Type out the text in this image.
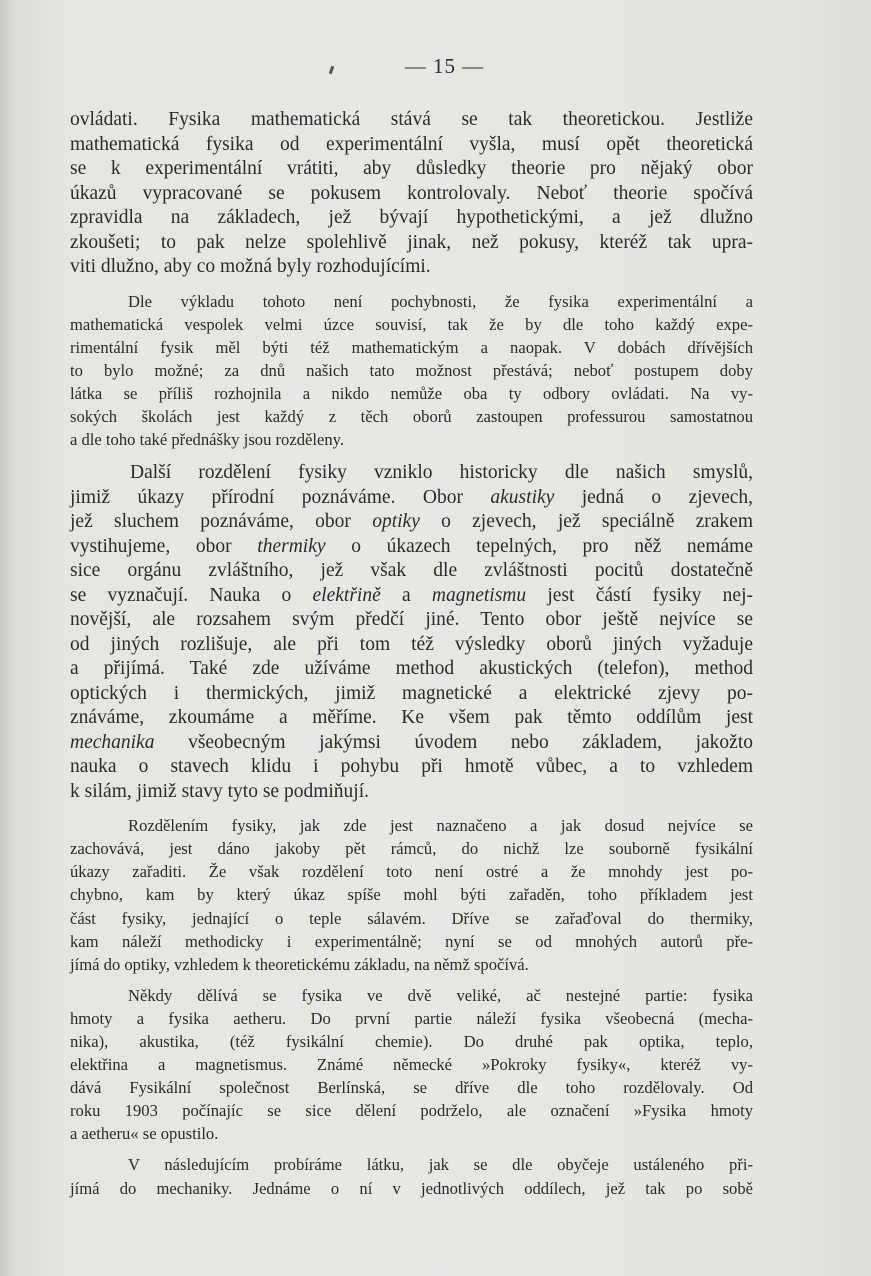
— 15 —
ovládati. Fysika mathematická stává se tak theoretickou. Jestliže
mathematická fysika od experimentální vyšla, musí opět theoretická
se k experimentální vrátiti, aby důsledky theorie pro nějaký obor
úkazů vypracované se pokusem kontrolovaly. Neboť theorie spočívá
zpravidla na základech, jež bývají hypothetickými, a jež dlužno
zkoušeti; to pak nelze spolehlivě jinak, než pokusy, kteréž tak upra-
viti dlužno, aby co možná byly rozhodujícími.
Dle výkladu tohoto není pochybnosti, že fysika experimentální a
mathematická vespolek velmi úzce souvisí, tak že by dle toho každý expe-
rimentální fysik měl býti též mathematickým a naopak. V dobách dřívějších
to bylo možné; za dnů našich tato možnost přestává; neboť postupem doby
látka se příliš rozhojnila a nikdo nemůže oba ty odbory ovládati. Na vy-
sokých školách jest každý z těch oborů zastoupen professurou samostatnou
a dle toho také přednášky jsou rozděleny.
Další rozdělení fysiky vzniklo historicky dle našich smyslů,
jimiž úkazy přírodní poznáváme. Obor akustiky jedná o zjevech,
jež sluchem poznáváme, obor optiky o zjevech, jež speciálně zrakem
vystihujeme, obor thermiky o úkazech tepelných, pro něž nemáme
sice orgánu zvláštního, jež však dle zvláštnosti pocitů dostatečně
se vyznačují. Nauka o elektřině a magnetismu jest částí fysiky nej-
novější, ale rozsahem svým předčí jiné. Tento obor ještě nejvíce se
od jiných rozlišuje, ale při tom též výsledky oborů jiných vyžaduje
a přijímá. Také zde užíváme method akustických (telefon), method
optických i thermických, jimiž magnetické a elektrické zjevy po-
znáváme, zkoumáme a měříme. Ke všem pak těmto oddílům jest
mechanika všeobecným jakýmsi úvodem nebo základem, jakožto
nauka o stavech klidu i pohybu při hmotě vůbec, a to vzhledem
k silám, jimiž stavy tyto se podmiňují.
Rozdělením fysiky, jak zde jest naznačeno a jak dosud nejvíce se
zachovává, jest dáno jakoby pět rámců, do nichž lze souborně fysikální
úkazy zařaditi. Že však rozdělení toto není ostré a že mnohdy jest po-
chybno, kam by který úkaz spíše mohl býti zařaděn, toho příkladem jest
část fysiky, jednající o teple sálavém. Dříve se zařaďoval do thermiky,
kam náleží methodicky i experimentálně; nyní se od mnohých autorů pře-
jímá do optiky, vzhledem k theoretickému základu, na němž spočívá.
Někdy dělívá se fysika ve dvě veliké, ač nestejné partie: fysika
hmoty a fysika aetheru. Do první partie náleží fysika všeobecná (mecha-
nika), akustika, (též fysikální chemie). Do druhé pak optika, teplo,
elektřina a magnetismus. Známé německé »Pokroky fysiky«, kteréž vy-
dává Fysikální společnost Berlínská, se dříve dle toho rozdělovaly. Od
roku 1903 počínajíc se sice dělení podrželo, ale označení »Fysika hmoty
a aetheru« se opustilo.
V následujícím probíráme látku, jak se dle obyčeje ustáleného při-
jímá do mechaniky. Jednáme o ní v jednotlivých oddílech, jež tak po sobě
